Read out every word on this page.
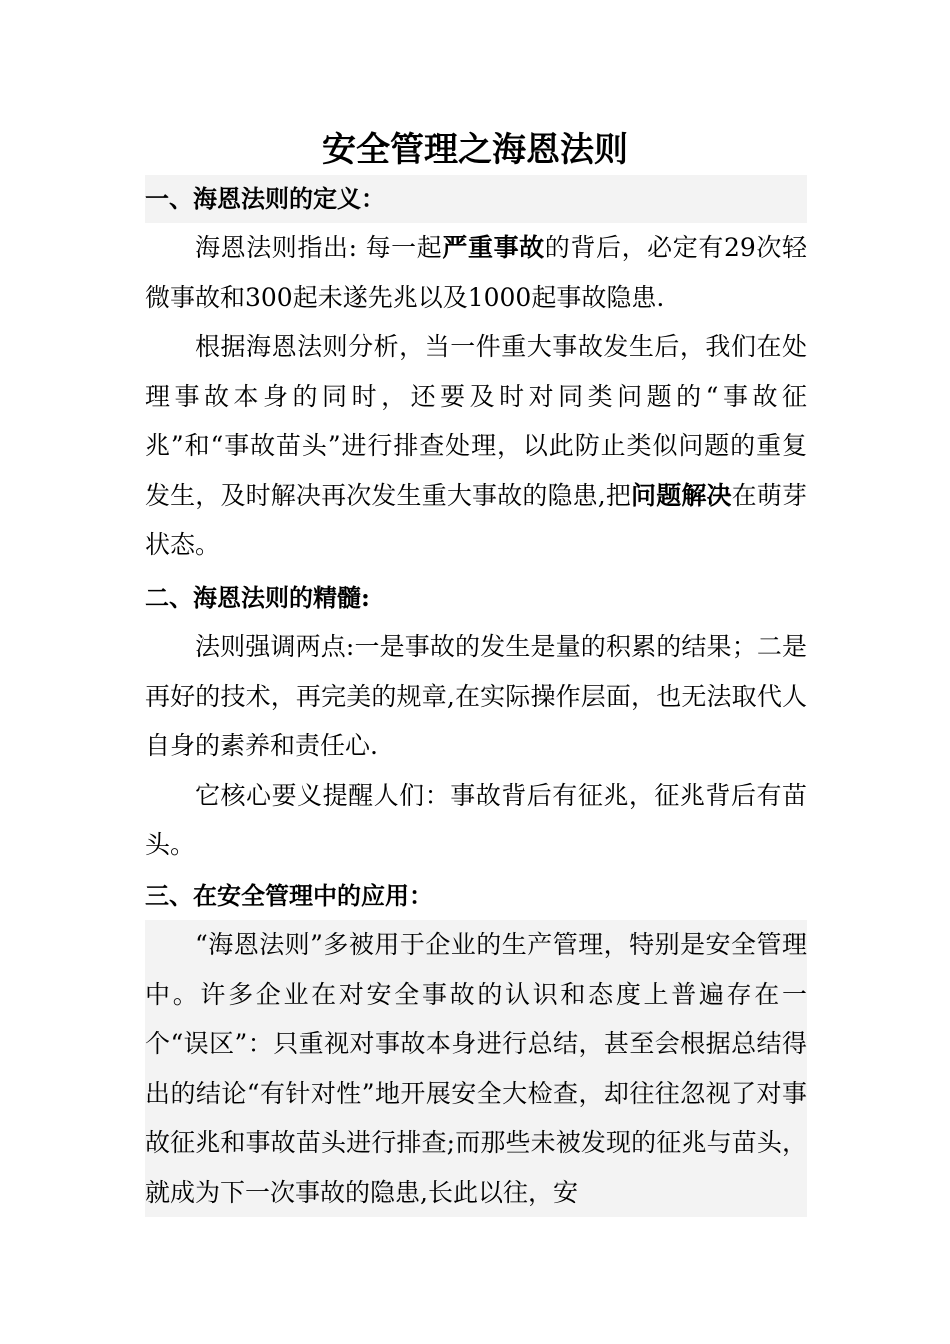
安全管理之海恩法则
一、海恩法则的定义：

海恩法则指出: 每一起严重事故的背后，必定有29次轻微事故和300起未遂先兆以及1000起事故隐患.

根据海恩法则分析，当一件重大事故发生后，我们在处理事故本身的同时，还要及时对同类问题的“事故征兆”和“事故苗头”进行排查处理，以此防止类似问题的重复发生，及时解决再次发生重大事故的隐患,把问题解决在萌芽状态。

二、海恩法则的精髓:

法则强调两点:一是事故的发生是量的积累的结果；二是再好的技术，再完美的规章,在实际操作层面，也无法取代人自身的素养和责任心.

它核心要义提醒人们：事故背后有征兆，征兆背后有苗头。

三、在安全管理中的应用：

“海恩法则”多被用于企业的生产管理，特别是安全管理中。许多企业在对安全事故的认识和态度上普遍存在一个“误区”：只重视对事故本身进行总结，甚至会根据总结得出的结论“有针对性”地开展安全大检查，却往往忽视了对事故征兆和事故苗头进行排查;而那些未被发现的征兆与苗头，就成为下一次事故的隐患,长此以往，安
